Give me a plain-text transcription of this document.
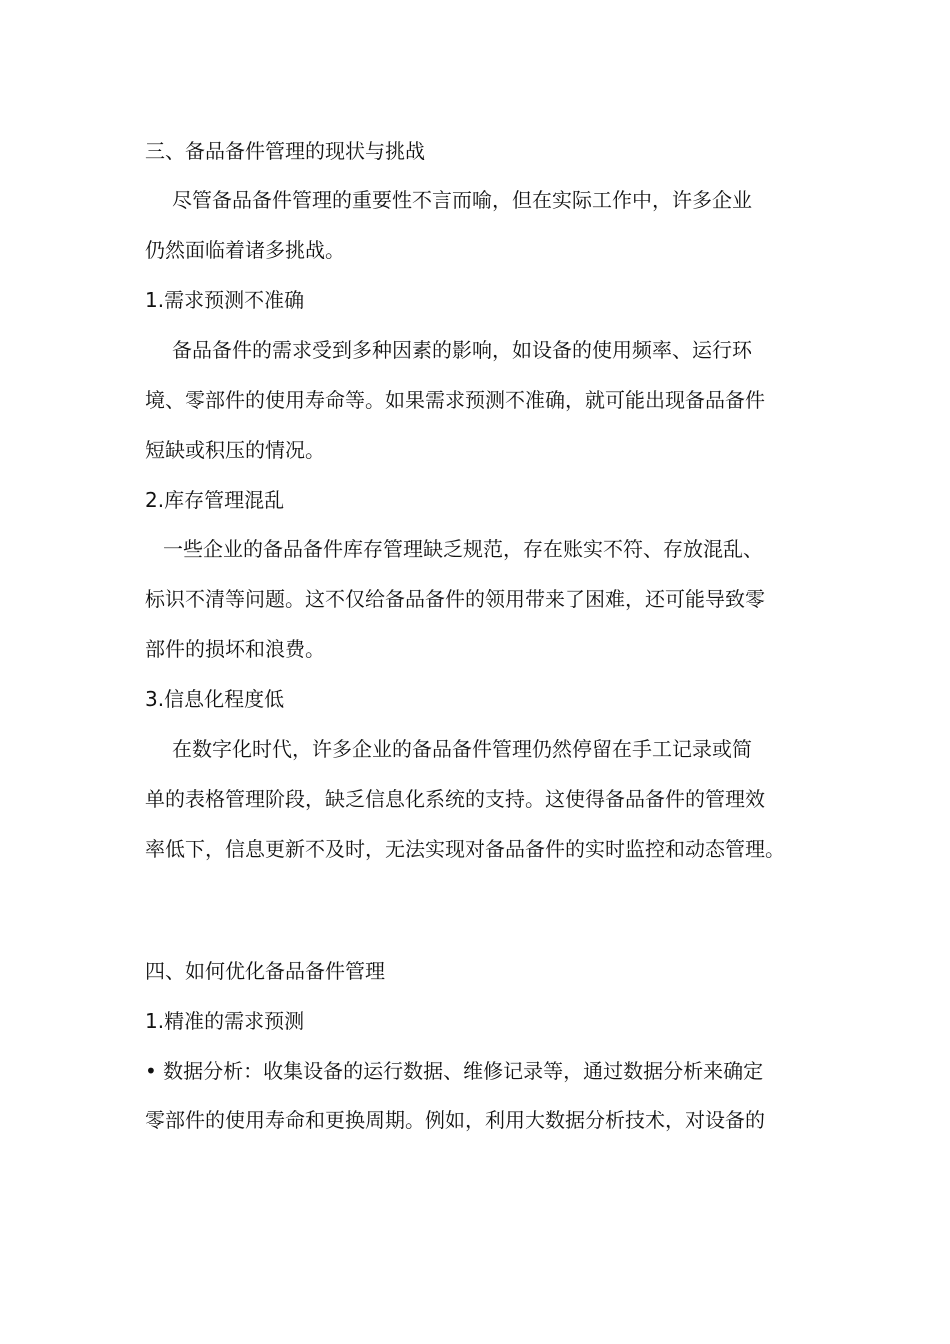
三、备品备件管理的现状与挑战
尽管备品备件管理的重要性不言而喻，但在实际工作中，许多企业
仍然面临着诸多挑战。
1.需求预测不准确
备品备件的需求受到多种因素的影响，如设备的使用频率、运行环
境、零部件的使用寿命等。如果需求预测不准确，就可能出现备品备件
短缺或积压的情况。
2.库存管理混乱
一些企业的备品备件库存管理缺乏规范，存在账实不符、存放混乱、
标识不清等问题。这不仅给备品备件的领用带来了困难，还可能导致零
部件的损坏和浪费。
3.信息化程度低
在数字化时代，许多企业的备品备件管理仍然停留在手工记录或简
单的表格管理阶段，缺乏信息化系统的支持。这使得备品备件的管理效
率低下，信息更新不及时，无法实现对备品备件的实时监控和动态管理。
四、如何优化备品备件管理
1.精准的需求预测
• 数据分析：收集设备的运行数据、维修记录等，通过数据分析来确定
零部件的使用寿命和更换周期。例如，利用大数据分析技术，对设备的
